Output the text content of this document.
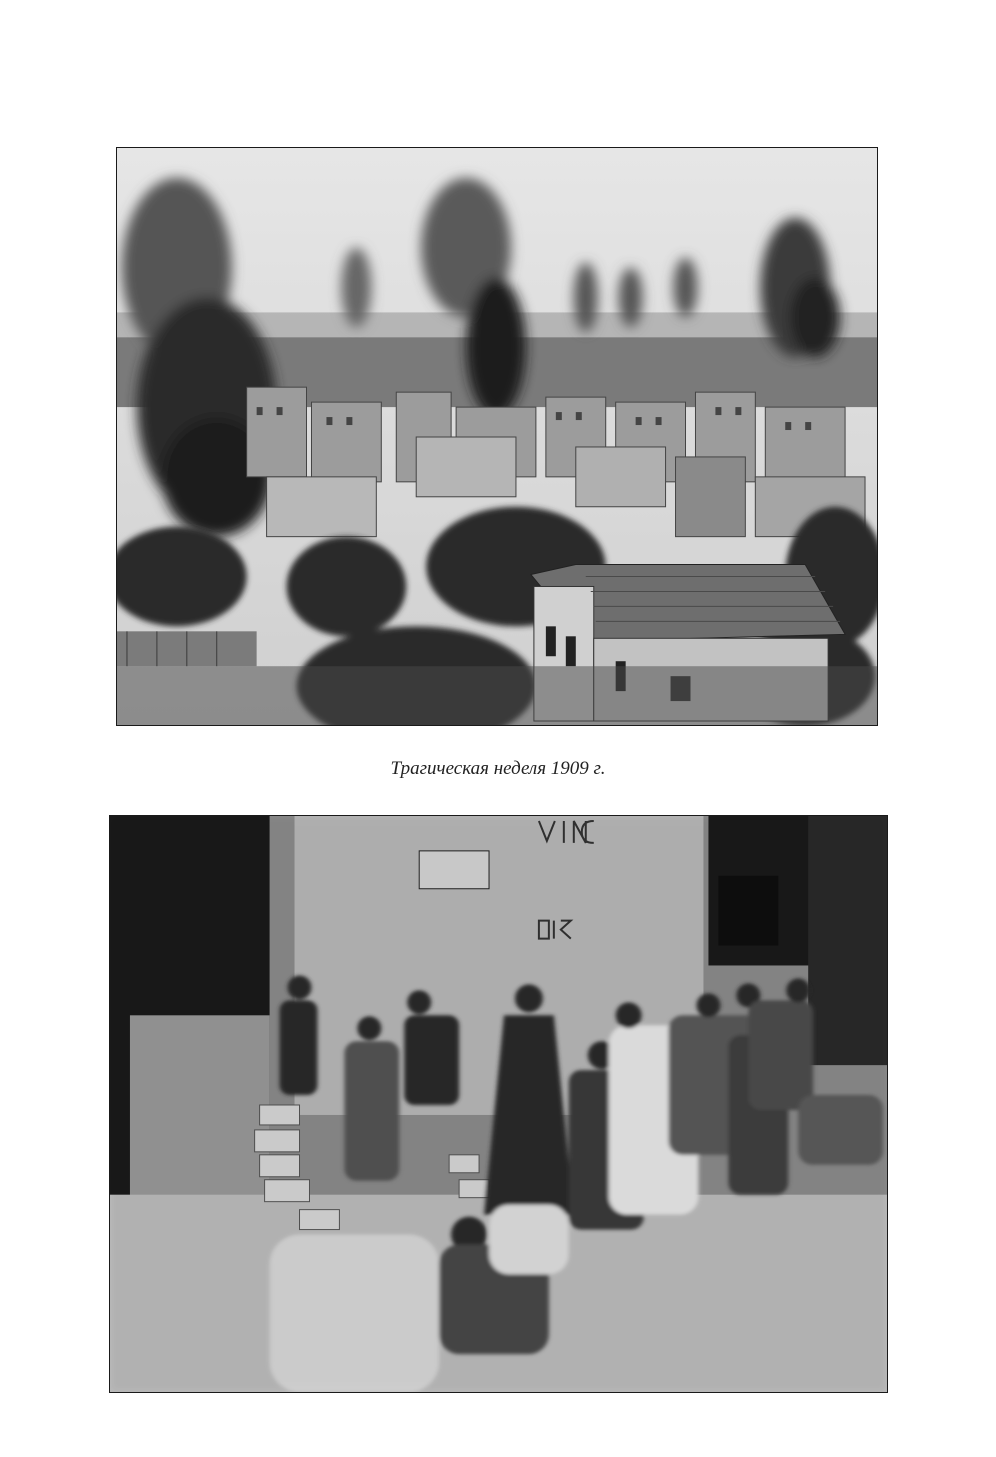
Трагическая неделя 1909 г.
